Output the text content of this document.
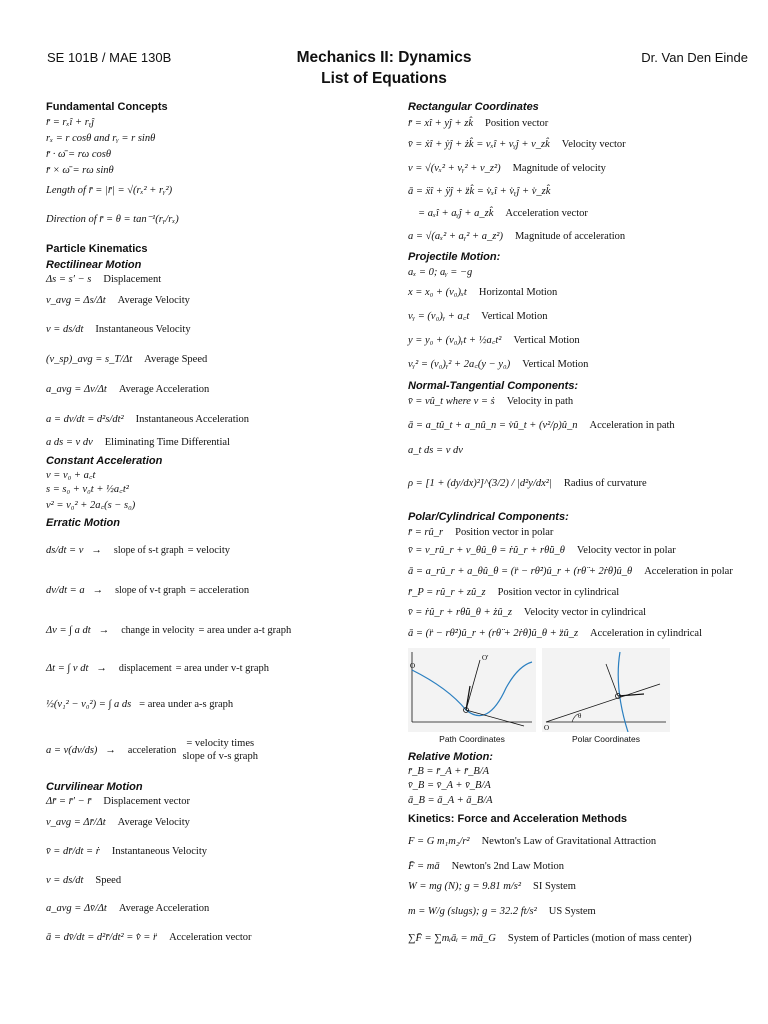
SE 101B / MAE 130B	Mechanics II: Dynamics
List of Equations
Dr. Van Den Einde
Fundamental Concepts
r̄ = rₓî + rᵧĵ
rₓ = r cosθ and rᵧ = r sinθ
r̄ · ω̄ = rω cosθ
r̄ × ω̄ = rω sinθ
Length of r̄ = |r̄| = √(rₓ² + rᵧ²)
Direction of r̄ = θ = tan⁻¹(rᵧ/rₓ)
Particle Kinematics
Rectilinear Motion
Δs = s′ − s Displacement
v_avg = Δs/Δt Average Velocity
v = ds/dt Instantaneous Velocity
(v_sp)_avg = s_T/Δt Average Speed
a_avg = Δv/Δt Average Acceleration
a = dv/dt = d²s/dt² Instantaneous Acceleration
a ds = v dv Eliminating Time Differential
Constant Acceleration
v = v₀ + a꜀t
s = s₀ + v₀t + ½a꜀t²
v² = v₀² + 2a꜀(s − s₀)
Erratic Motion
ds/dt = v → slope of s-t graph = velocity
dv/dt = a → slope of v-t graph = acceleration
Δv = ∫ a dt → change in velocity = area under a-t graph
Δt = ∫ v dt → displacement = area under v-t graph
½(v₁² − v₀²) = ∫ a ds = area under a-s graph
a = v(dv/ds) → acceleration
= velocity times slope of v-s graph
Curvilinear Motion
Δr̄ = r̄′ − r̄ Displacement vector
v_avg = Δr̄/Δt Average Velocity
v̄ = dr̄/dt = ṙ Instantaneous Velocity
v = ds/dt Speed
a_avg = Δv̄/Δt Average Acceleration
ā = dv̄/dt = d²r̄/dt² = v̄̇ = r̈ Acceleration vector
Rectangular Coordinates
r̄ = xî + yĵ + zk̂ Position vector
v̄ = ẋî + ẏĵ + żk̂ = vₓî + vᵧĵ + v_zk̂ Velocity vector
v = √(vₓ² + vᵧ² + v_z²) Magnitude of velocity
ā = ẍî + ÿĵ + z̈k̂ = v̇ₓî + v̇ᵧĵ + v̇_zk̂
= aₓî + aᵧĵ + a_zk̂ Acceleration vector
a = √(aₓ² + aᵧ² + a_z²) Magnitude of acceleration
Projectile Motion:
aₓ = 0; aᵧ = −g
x = x₀ + (v₀)ₓt Horizontal Motion
vᵧ = (v₀)ᵧ + a꜀t Vertical Motion
y = y₀ + (v₀)ᵧt + ½a꜀t² Vertical Motion
vᵧ² = (v₀)ᵧ² + 2a꜀(y − y₀) Vertical Motion
Normal-Tangential Components:
v̄ = vû_t where v = ṡ Velocity in path
ā = a_tû_t + a_nû_n = v̇û_t + (v²/ρ)û_n Acceleration in path
a_t ds = v dv
ρ = [1 + (dy/dx)²]^(3/2) / |d²y/dx²| Radius of curvature
Polar/Cylindrical Components:
r̄ = rû_r Position vector in polar
v̄ = v_rû_r + v_θû_θ = ṙû_r + rθ̇û_θ Velocity vector in polar
ā = a_rû_r + a_θû_θ = (r̈ − rθ̇²)û_r + (rθ̈ + 2ṙθ̇)û_θ Acceleration in polar
r̄_P = rû_r + zû_z Position vector in cylindrical
v̄ = ṙû_r + rθ̇û_θ + żû_z Velocity vector in cylindrical
ā = (r̈ − rθ̇²)û_r + (rθ̈ + 2ṙθ̇)û_θ + z̈û_z Acceleration in cylindrical
O′
O
Path Coordinates
θ
O
Polar Coordinates
Relative Motion:
r̄_B = r̄_A + r̄_B/A
v̄_B = v̄_A + v̄_B/A
ā_B = ā_A + ā_B/A
Kinetics: Force and Acceleration Methods
F = G m₁m₂/r² Newton's Law of Gravitational Attraction
F̄ = mā Newton's 2nd Law Motion
W = mg (N); g = 9.81 m/s² SI System
m = W/g (slugs); g = 32.2 ft/s² US System
∑F̄ = ∑mᵢāᵢ = mā_G System of Particles (motion of mass center)
